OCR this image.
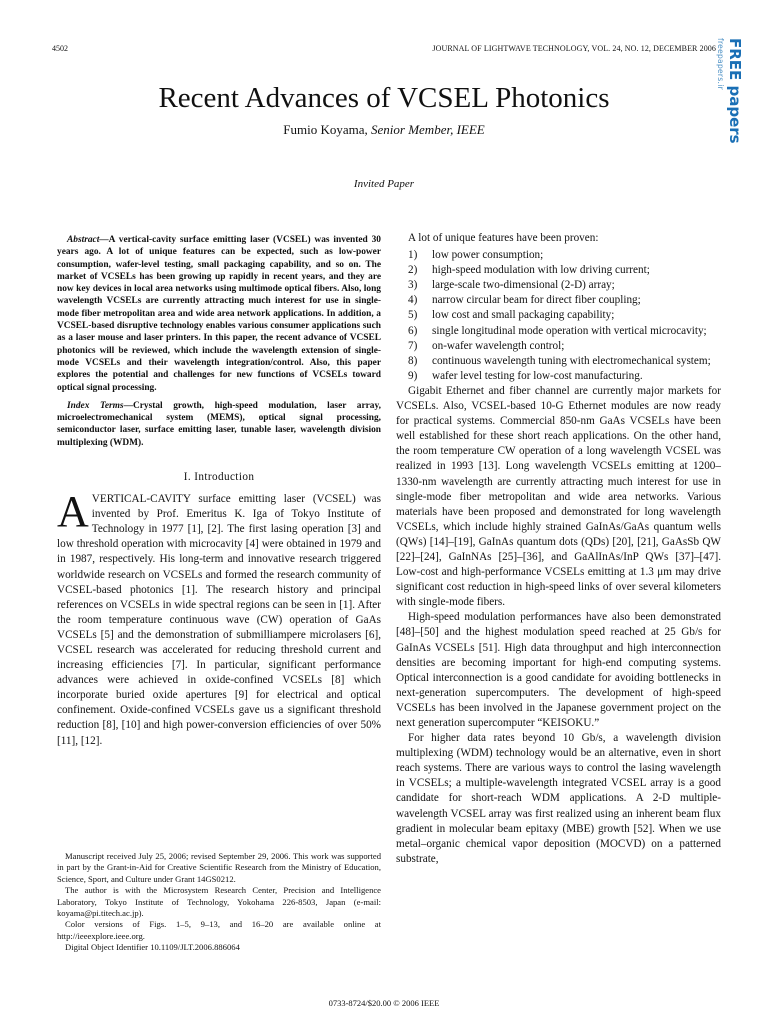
4502	JOURNAL OF LIGHTWAVE TECHNOLOGY, VOL. 24, NO. 12, DECEMBER 2006 freepapers.ir FREE papers
Recent Advances of VCSEL Photonics
Fumio Koyama, Senior Member, IEEE
Invited Paper

Abstract—A vertical-cavity surface emitting laser (VCSEL) was invented 30 years ago. A lot of unique features can be expected, such as low-power consumption, wafer-level testing, small packaging capability, and so on. The market of VCSELs has been growing up rapidly in recent years, and they are now key devices in local area networks using multimode optical fibers. Also, long wavelength VCSELs are currently attracting much interest for use in single-mode fiber metropolitan area and wide area network applications. In addition, a VCSEL-based disruptive technology enables various consumer applications such as a laser mouse and laser printers. In this paper, the recent advance of VCSEL photonics will be reviewed, which include the wavelength extension of single-mode VCSELs and their wavelength integration/control. Also, this paper explores the potential and challenges for new functions of VCSELs toward optical signal processing.

Index Terms—Crystal growth, high-speed modulation, laser array, microelectromechanical system (MEMS), optical signal processing, semiconductor laser, surface emitting laser, tunable laser, wavelength division multiplexing (WDM).

I. Introduction

AVERTICAL-CAVITY surface emitting laser (VCSEL) was invented by Prof. Emeritus K. Iga of Tokyo Institute of Technology in 1977 [1], [2]. The first lasing operation [3] and low threshold operation with microcavity [4] were obtained in 1979 and in 1987, respectively. His long-term and innovative research triggered worldwide research on VCSELs and formed the research community of VCSEL-based photonics [1]. The research history and principal references on VCSELs in wide spectral regions can be seen in [1]. After the room temperature continuous wave (CW) operation of GaAs VCSELs [5] and the demonstration of submilliampere microlasers [6], VCSEL research was accelerated for reducing threshold current and increasing efficiencies [7]. In particular, significant performance advances were achieved in oxide-confined VCSELs [8] which incorporate buried oxide apertures [9] for electrical and optical confinement. Oxide-confined VCSELs gave us a significant threshold reduction [8], [10] and high power-conversion efficiencies of over 50% [11], [12].

Manuscript received July 25, 2006; revised September 29, 2006. This work was supported in part by the Grant-in-Aid for Creative Scientific Research from the Ministry of Education, Science, Sport, and Culture under Grant 14GS0212.

The author is with the Microsystem Research Center, Precision and Intelligence Laboratory, Tokyo Institute of Technology, Yokohama 226-8503, Japan (e-mail: koyama@pi.titech.ac.jp).

Color versions of Figs. 1–5, 9–13, and 16–20 are available online at http://ieeexplore.ieee.org.

Digital Object Identifier 10.1109/JLT.2006.886064

A lot of unique features have been proven:

1)	low power consumption;
2)	high-speed modulation with low driving current;
3)	large-scale two-dimensional (2-D) array;
4)	narrow circular beam for direct fiber coupling;
5)	low cost and small packaging capability;
6)	single longitudinal mode operation with vertical microcavity;
7)	on-wafer wavelength control;
8)	continuous wavelength tuning with electromechanical system;
9)	wafer level testing for low-cost manufacturing.

Gigabit Ethernet and fiber channel are currently major markets for VCSELs. Also, VCSEL-based 10-G Ethernet modules are now ready for practical systems. Commercial 850-nm GaAs VCSELs have been well established for these short reach applications. On the other hand, the room temperature CW operation of a long wavelength VCSEL was realized in 1993 [13]. Long wavelength VCSELs emitting at 1200–1330-nm wavelength are currently attracting much interest for use in single-mode fiber metropolitan and wide area networks. Various materials have been proposed and demonstrated for long wavelength VCSELs, which include highly strained GaInAs/GaAs quantum wells (QWs) [14]–[19], GaInAs quantum dots (QDs) [20], [21], GaAsSb QW [22]–[24], GaInNAs [25]–[36], and GaAlInAs/InP QWs [37]–[47]. Low-cost and high-performance VCSELs emitting at 1.3 μm may drive significant cost reduction in high-speed links of over several kilometers with single-mode fibers.

High-speed modulation performances have also been demonstrated [48]–[50] and the highest modulation speed reached at 25 Gb/s for GaInAs VCSELs [51]. High data throughput and high interconnection densities are becoming important for high-end computing systems. Optical interconnection is a good candidate for avoiding bottlenecks in next-generation supercomputers. The development of high-speed VCSELs has been involved in the Japanese government project on the next generation supercomputer “KEISOKU.”

For higher data rates beyond 10 Gb/s, a wavelength division multiplexing (WDM) technology would be an alternative, even in short reach systems. There are various ways to control the lasing wavelength in VCSELs; a multiple-wavelength integrated VCSEL array is a good candidate for short-reach WDM applications. A 2-D multiple-wavelength VCSEL array was first realized using an inherent beam flux gradient in molecular beam epitaxy (MBE) growth [52]. When we use metal–organic chemical vapor deposition (MOCVD) on a patterned substrate,

0733-8724/$20.00 © 2006 IEEE
